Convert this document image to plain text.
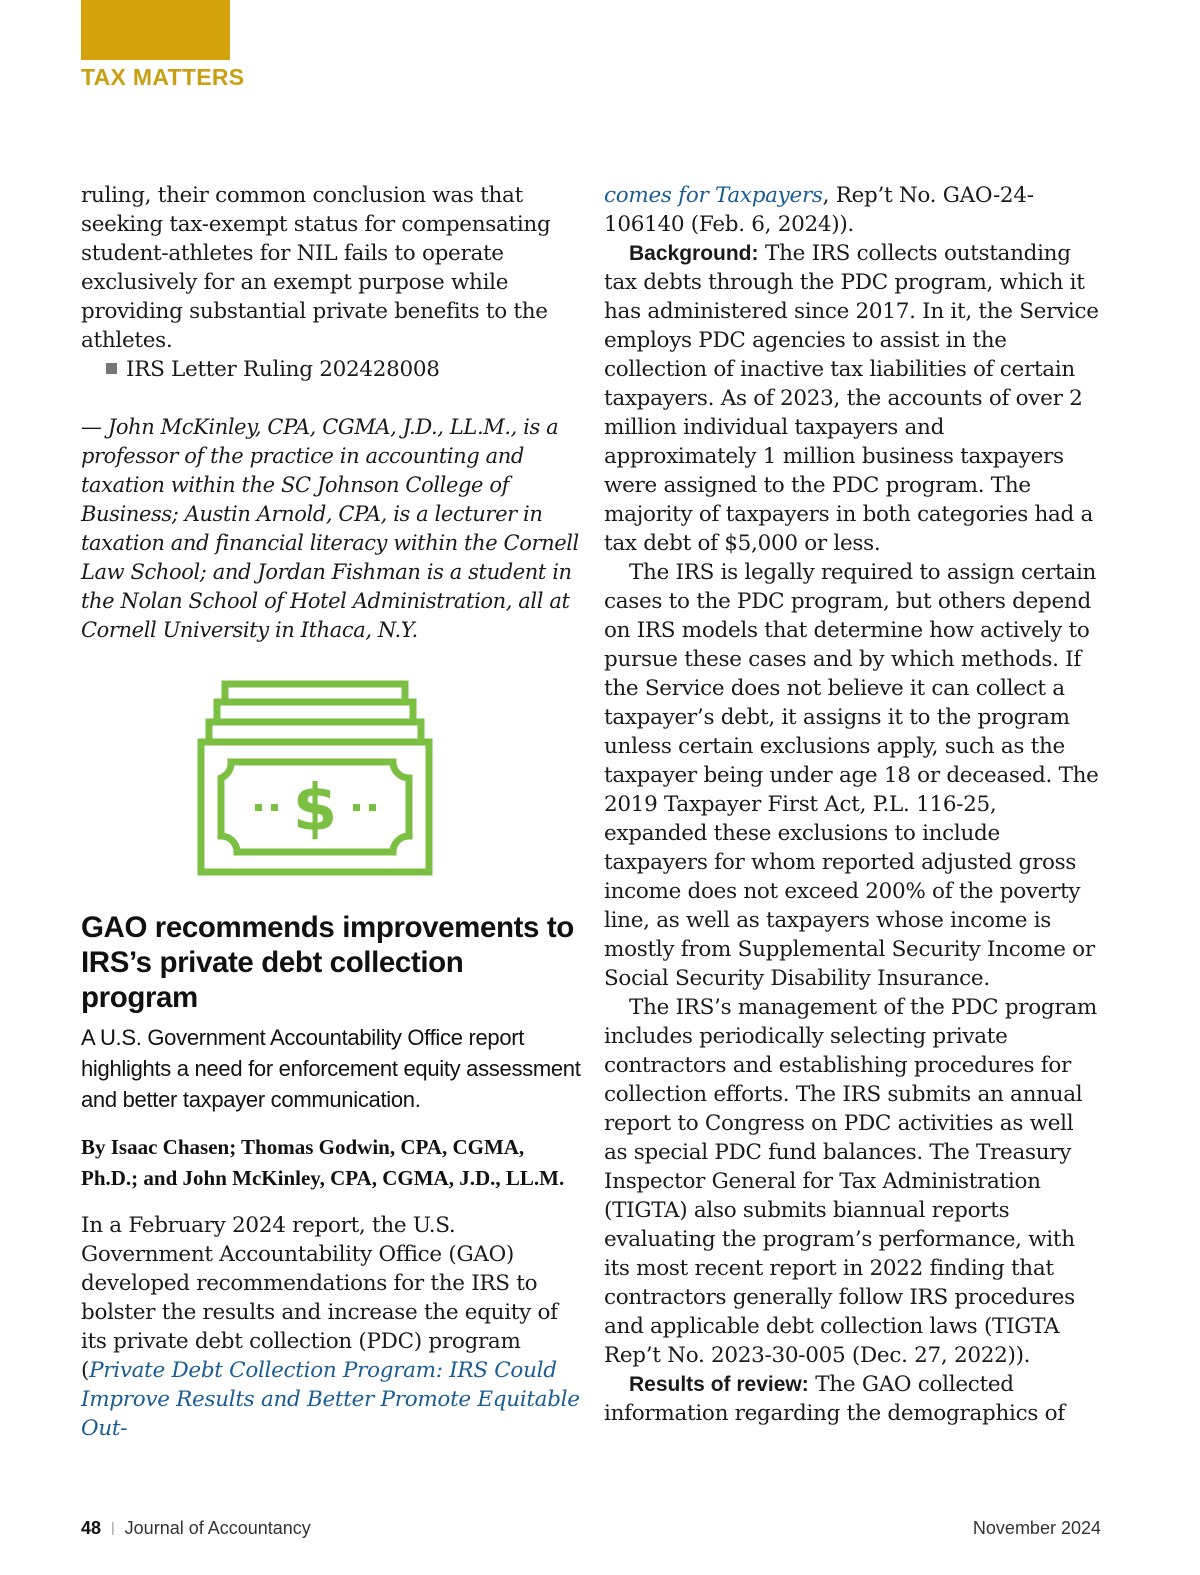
TAX MATTERS

ruling, their common conclusion was that seeking tax-exempt status for compensating student-athletes for NIL fails to operate exclusively for an exempt purpose while providing substantial private benefits to the athletes.

IRS Letter Ruling 202428008

— John McKinley, CPA, CGMA, J.D., LL.M., is a professor of the practice in accounting and taxation within the SC Johnson College of Business; Austin Arnold, CPA, is a lecturer in taxation and financial literacy within the Cornell Law School; and Jordan Fishman is a student in the Nolan School of Hotel Administration, all at Cornell University in Ithaca, N.Y.

$
GAO recommends improvements to IRS’s private debt collection program
A U.S. Government Accountability Office report highlights a need for enforcement equity assessment and better taxpayer communication.
By Isaac Chasen; Thomas Godwin, CPA, CGMA, Ph.D.; and John McKinley, CPA, CGMA, J.D., LL.M.

In a February 2024 report, the U.S. Government Accountability Office (GAO) developed recommendations for the IRS to bolster the results and increase the equity of its private debt collection (PDC) program (Private Debt Collection Program: IRS Could Improve Results and Better Promote Equitable Out-

comes for Taxpayers, Rep’t No. GAO-24-106140 (Feb. 6, 2024)).

Background: The IRS collects outstanding tax debts through the PDC program, which it has administered since 2017. In it, the Service employs PDC agencies to assist in the collection of inactive tax liabilities of certain taxpayers. As of 2023, the accounts of over 2 million individual taxpayers and approximately 1 million business taxpayers were assigned to the PDC program. The majority of taxpayers in both categories had a tax debt of $5,000 or less.

The IRS is legally required to assign certain cases to the PDC program, but others depend on IRS models that determine how actively to pursue these cases and by which methods. If the Service does not believe it can collect a taxpayer’s debt, it assigns it to the program unless certain exclusions apply, such as the taxpayer being under age 18 or deceased. The 2019 Taxpayer First Act, P.L. 116-25, expanded these exclusions to include taxpayers for whom reported adjusted gross income does not exceed 200% of the poverty line, as well as taxpayers whose income is mostly from Supplemental Security Income or Social Security Disability Insurance.

The IRS’s management of the PDC program includes periodically selecting private contractors and establishing procedures for collection efforts. The IRS submits an annual report to Congress on PDC activities as well as special PDC fund balances. The Treasury Inspector General for Tax Administration (TIGTA) also submits biannual reports evaluating the program’s performance, with its most recent report in 2022 finding that contractors generally follow IRS procedures and applicable debt collection laws (TIGTA Rep’t No. 2023-30-005 (Dec. 27, 2022)).

Results of review: The GAO collected information regarding the demographics of

48 | Journal of Accountancy	November 2024
